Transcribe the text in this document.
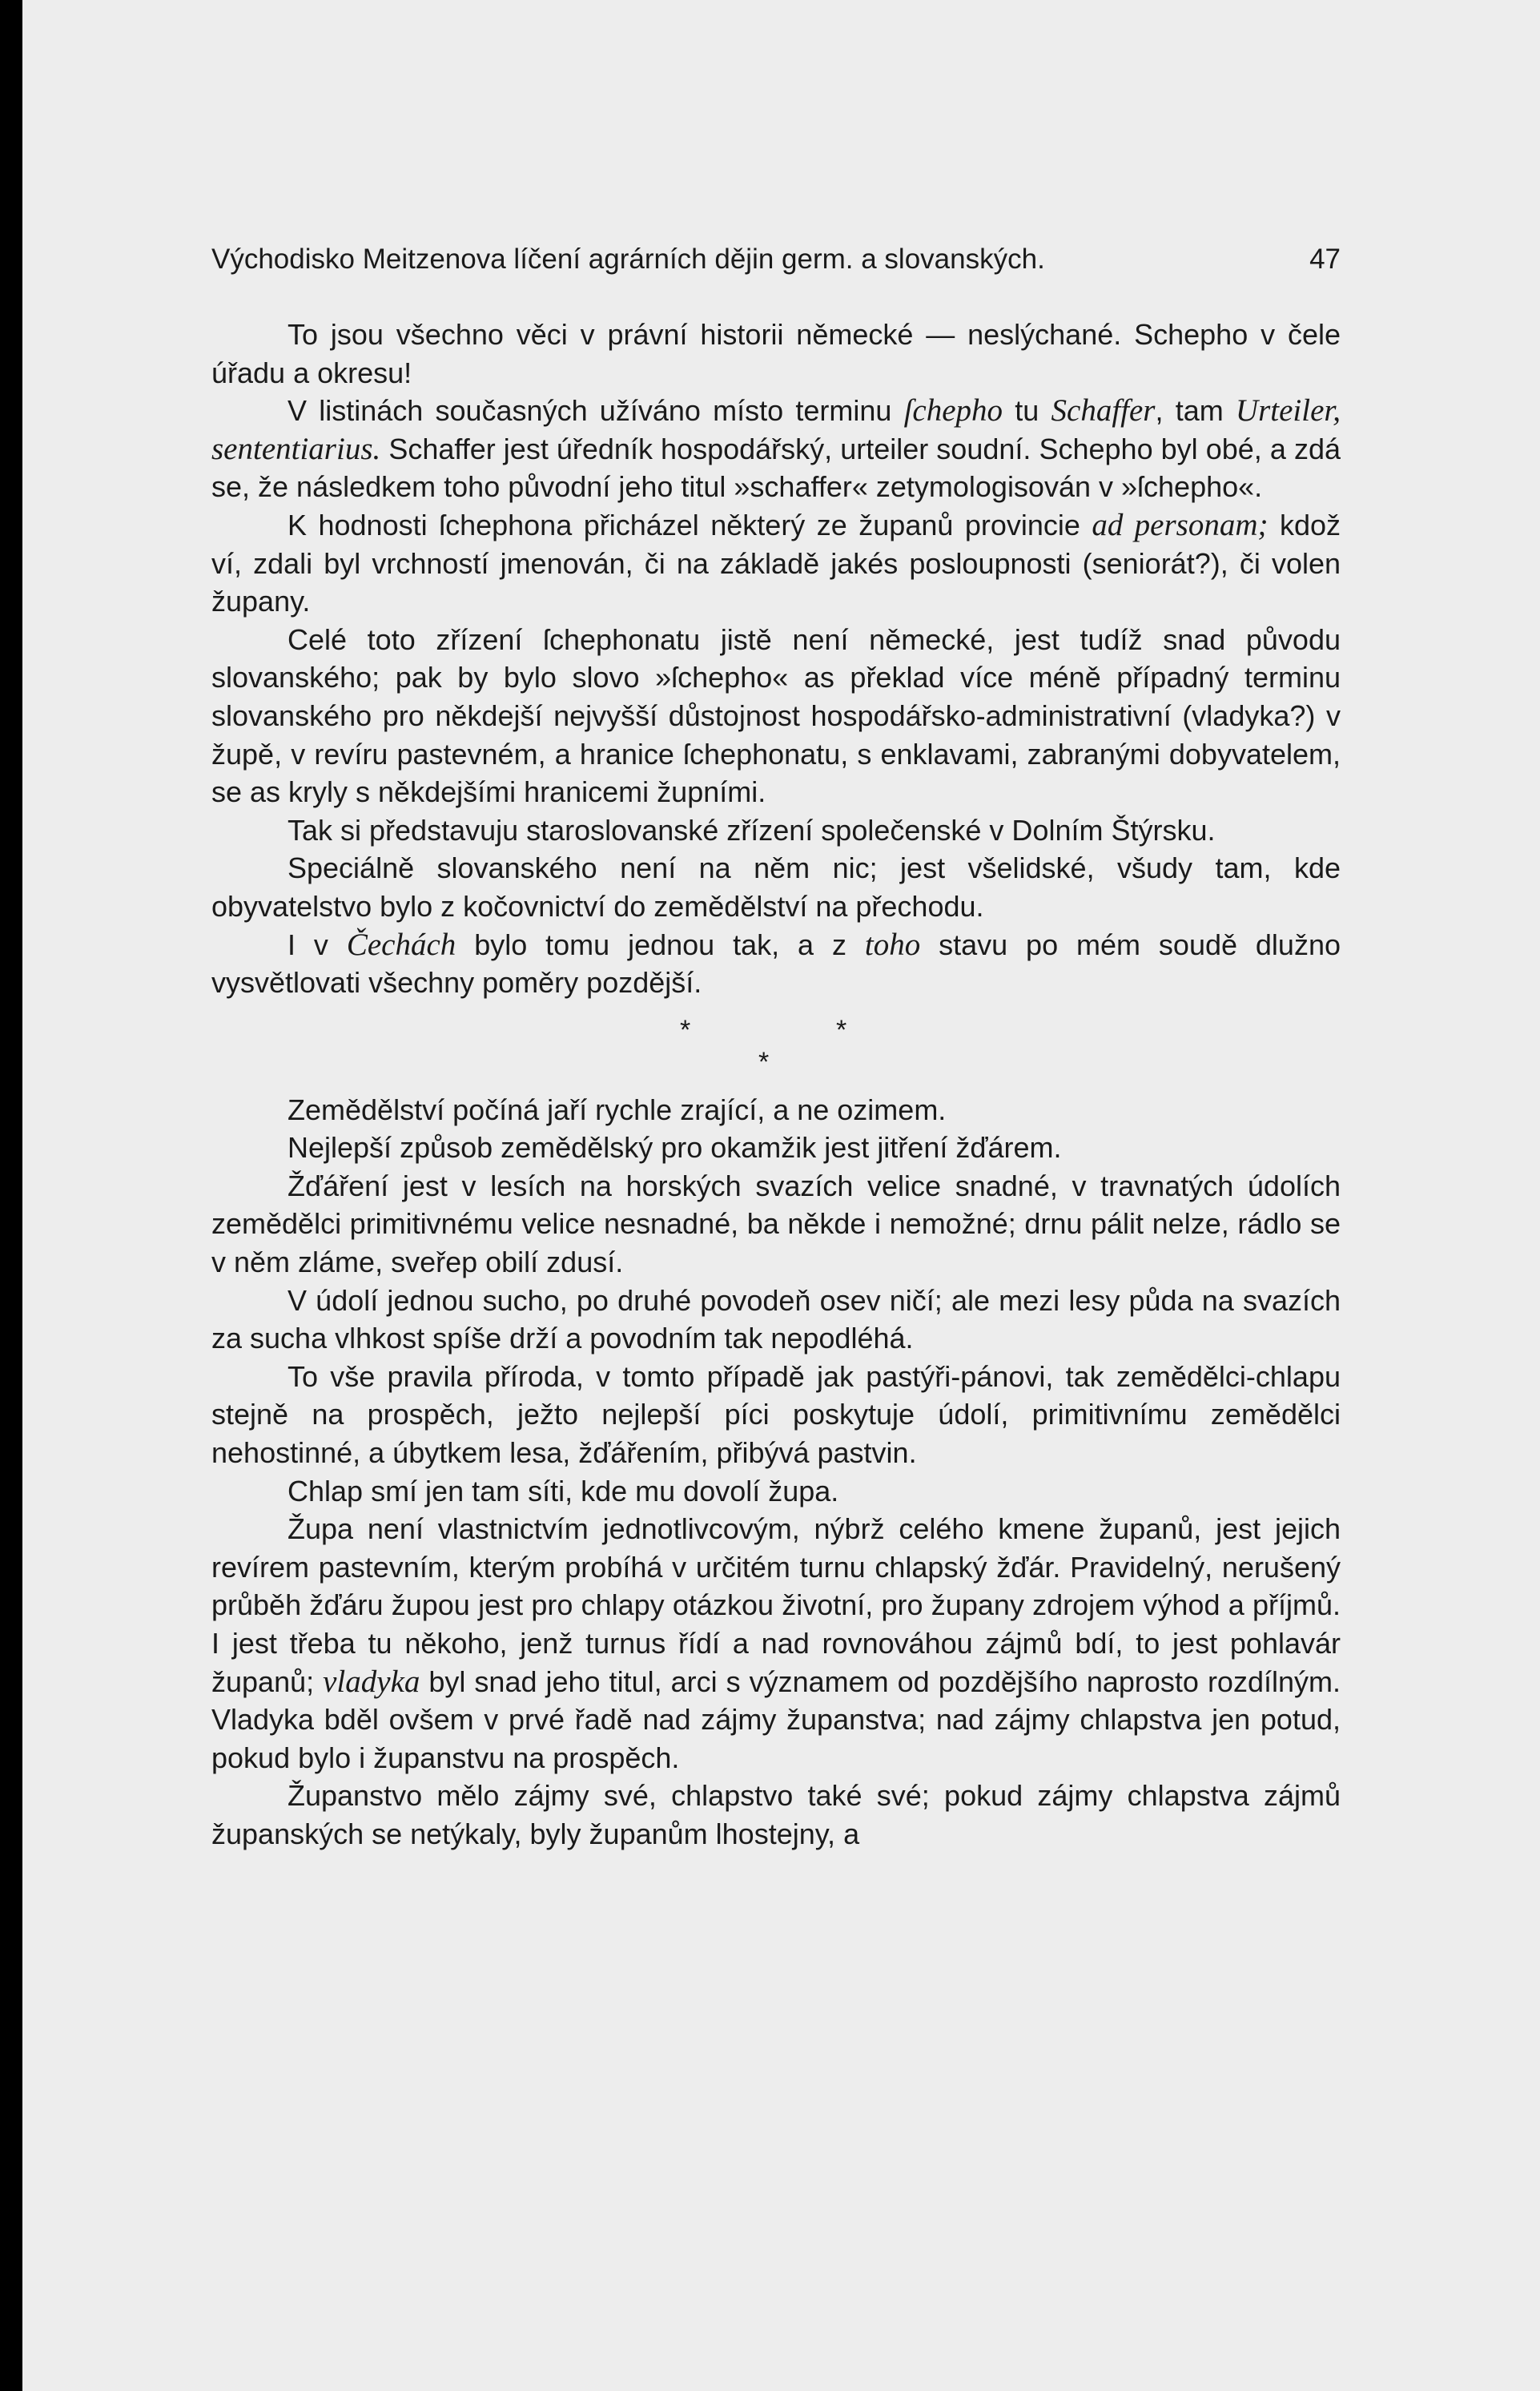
Východisko Meitzenova líčení agrárních dějin germ. a slovanských.	47

To jsou všechno věci v právní historii německé — neslýchané. Schepho v čele úřadu a okresu!

V listinách současných užíváno místo terminu ſchepho tu Schaffer, tam Urteiler, sententiarius. Schaffer jest úředník hospodářský, urteiler soudní. Schepho byl obé, a zdá se, že následkem toho původní jeho titul »schaffer« zetymologisován v »ſchepho«.

K hodnosti ſchephona přicházel některý ze županů provincie ad personam; kdož ví, zdali byl vrchností jmenován, či na základě jakés posloupnosti (seniorát?), či volen župany.

Celé toto zřízení ſchephonatu jistě není německé, jest tudíž snad původu slovanského; pak by bylo slovo »ſchepho« as překlad více méně případný terminu slovanského pro někdejší nejvyšší důstojnost hospodářsko-administrativní (vladyka?) v župě, v revíru pastevném, a hranice ſchephonatu, s enklavami, zabranými dobyvatelem, se as kryly s někdejšími hranicemi župními.

Tak si představuju staroslovanské zřízení společenské v Dolním Štýrsku.

Speciálně slovanského není na něm nic; jest všelidské, všudy tam, kde obyvatelstvo bylo z kočovnictví do zemědělství na přechodu.

I v Čechách bylo tomu jednou tak, a z toho stavu po mém soudě dlužno vysvětlovati všechny poměry pozdější.

*	*
*

Zemědělství počíná jaří rychle zrající, a ne ozimem.

Nejlepší způsob zemědělský pro okamžik jest jitření žďárem.

Žďáření jest v lesích na horských svazích velice snadné, v travnatých údolích zemědělci primitivnému velice nesnadné, ba někde i nemožné; drnu pálit nelze, rádlo se v něm zláme, sveřep obilí zdusí.

V údolí jednou sucho, po druhé povodeň osev ničí; ale mezi lesy půda na svazích za sucha vlhkost spíše drží a povodním tak nepodléhá.

To vše pravila příroda, v tomto případě jak pastýři-pánovi, tak zemědělci-chlapu stejně na prospěch, ježto nejlepší píci poskytuje údolí, primitivnímu zemědělci nehostinné, a úbytkem lesa, žďářením, přibývá pastvin.

Chlap smí jen tam síti, kde mu dovolí župa.

Župa není vlastnictvím jednotlivcovým, nýbrž celého kmene županů, jest jejich revírem pastevním, kterým probíhá v určitém turnu chlapský žďár. Pravidelný, nerušený průběh žďáru župou jest pro chlapy otázkou životní, pro župany zdrojem výhod a příjmů. I jest třeba tu někoho, jenž turnus řídí a nad rovnováhou zájmů bdí, to jest pohlavár županů; vladyka byl snad jeho titul, arci s významem od pozdějšího naprosto rozdílným. Vladyka bděl ovšem v prvé řadě nad zájmy županstva; nad zájmy chlapstva jen potud, pokud bylo i županstvu na prospěch.

Županstvo mělo zájmy své, chlapstvo také své; pokud zájmy chlapstva zájmů županských se netýkaly, byly županům lhostejny, a
